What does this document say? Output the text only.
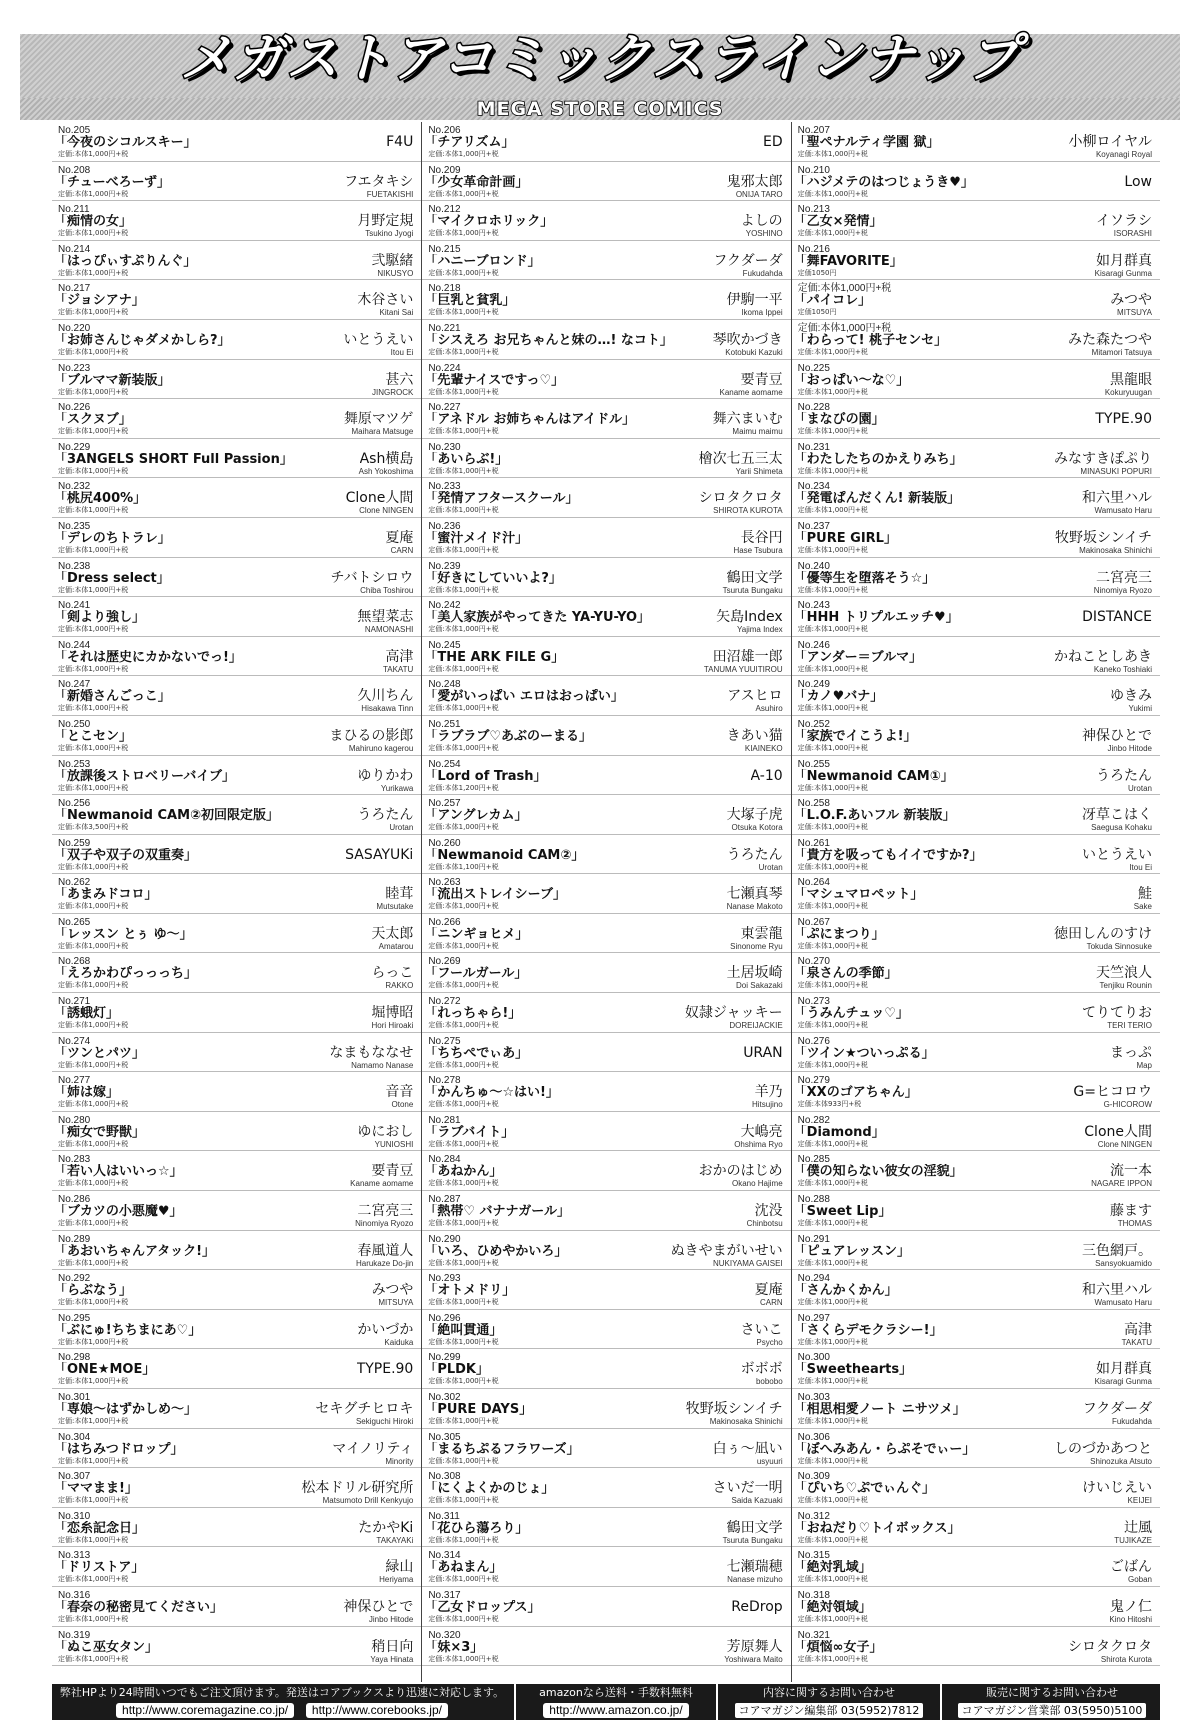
メガストアコミックスラインナップ
MEGA STORE COMICS
No.205
「今夜のシコルスキー」
定価:本体1,000円+税
F4U
No.208
「チューべろーず」
定価:本体1,000円+税
フエタキシ
FUETAKISHI
No.211
「痴情の女」
定価:本体1,000円+税
月野定規
Tsukino Jyogi
No.214
「はっぴぃすぷりんぐ」
定価:本体1,000円+税
弐駆緒
NIKUSYO
No.217
「ジョシアナ」
定価:本体1,000円+税
木谷さい
Kitani Sai
No.220
「お姉さんじゃダメかしら?」
定価:本体1,000円+税
いとうえい
Itou Ei
No.223
「ブルママ新装版」
定価:本体1,000円+税
甚六
JINGROCK
No.226
「スクヌブ」
定価:本体1,000円+税
舞原マツゲ
Maihara Matsuge
No.229
「3ANGELS SHORT Full Passion」
定価:本体1,000円+税
Ash横島
Ash Yokoshima
No.232
「桃尻400%」
定価:本体1,000円+税
Clone人間
Clone NINGEN
No.235
「デレのちトラレ」
定価:本体1,000円+税
夏庵
CARN
No.238
「Dress select」
定価:本体1,000円+税
チバトシロウ
Chiba Toshirou
No.241
「剣より強し」
定価:本体1,000円+税
無望菜志
NAMONASHI
No.244
「それは歴史にカかないでっ!」
定価:本体1,000円+税
高津
TAKATU
No.247
「新婚さんごっこ」
定価:本体1,000円+税
久川ちん
Hisakawa Tinn
No.250
「とこセン」
定価:本体1,000円+税
まひるの影郎
Mahiruno kagerou
No.253
「放課後ストロベリーバイブ」
定価:本体1,000円+税
ゆりかわ
Yurikawa
No.256
「Newmanoid CAM②初回限定版」
定価:本体3,500円+税
うろたん
Urotan
No.259
「双子や双子の双重奏」
定価:本体1,000円+税
SASAYUKi
No.262
「あまみドコロ」
定価:本体1,000円+税
睦茸
Mutsutake
No.265
「レッスン とぅ ゆ～」
定価:本体1,000円+税
天太郎
Amatarou
No.268
「えろかわぴっっっち」
定価:本体1,000円+税
らっこ
RAKKO
No.271
「誘蛾灯」
定価:本体1,000円+税
堀博昭
Hori Hiroaki
No.274
「ツンとパツ」
定価:本体1,000円+税
なまもななせ
Namamo Nanase
No.277
「姉は嫁」
定価:本体1,000円+税
音音
Otone
No.280
「痴女で野獣」
定価:本体1,000円+税
ゆにおし
YUNIOSHI
No.283
「若い人はいいっ☆」
定価:本体1,000円+税
要青豆
Kaname aomame
No.286
「ブカツの小悪魔♥」
定価:本体1,000円+税
二宮亮三
Ninomiya Ryozo
No.289
「あおいちゃんアタック!」
定価:本体1,000円+税
春風道人
Harukaze Do-jin
No.292
「らぶなう」
定価:本体1,000円+税
みつや
MITSUYA
No.295
「ぶにゅ!ちちまにあ♡」
定価:本体1,000円+税
かいづか
Kaiduka
No.298
「ONE★MOE」
定価:本体1,000円+税
TYPE.90
No.301
「専娘～はずかしめ～」
定価:本体1,000円+税
セキグチヒロキ
Sekiguchi Hiroki
No.304
「はちみつドロップ」
定価:本体1,000円+税
マイノリティ
Minority
No.307
「ママまま!」
定価:本体1,000円+税
松本ドリル研究所
Matsumoto Drill Kenkyujo
No.310
「恋糸記念日」
定価:本体1,000円+税
たかやKi
TAKAYAKi
No.313
「ドリストア」
定価:本体1,000円+税
緑山
Heriyama
No.316
「春奈の秘密見てください」
定価:本体1,000円+税
神保ひとで
Jinbo Hitode
No.319
「ぬこ巫女タン」
定価:本体1,000円+税
稍日向
Yaya Hinata
No.206
「チアリズム」
定価:本体1,000円+税
ED
No.209
「少女革命計画」
定価:本体1,000円+税
鬼邪太郎
ONIJA TARO
No.212
「マイクロホリック」
定価:本体1,000円+税
よしの
YOSHINO
No.215
「ハニーブロンド」
定価:本体1,000円+税
フクダーダ
Fukudahda
No.218
「巨乳と貧乳」
定価:本体1,000円+税
伊駒一平
Ikoma Ippei
No.221
「シスえろ お兄ちゃんと妹の…! なコト」
定価:本体1,000円+税
琴吹かづき
Kotobuki Kazuki
No.224
「先輩ナイスですっ♡」
定価:本体1,000円+税
要青豆
Kaname aomame
No.227
「アネドル お姉ちゃんはアイドル」
定価:本体1,000円+税
舞六まいむ
Maimu maimu
No.230
「あいらぶ!」
定価:本体1,000円+税
檜次七五三太
Yarii Shimeta
No.233
「発情アフタースクール」
定価:本体1,000円+税
シロタクロタ
SHIROTA KUROTA
No.236
「蜜汁メイド汁」
定価:本体1,000円+税
長谷円
Hase Tsubura
No.239
「好きにしていいよ?」
定価:本体1,000円+税
鶴田文学
Tsuruta Bungaku
No.242
「美人家族がやってきた YA-YU-YO」
定価:本体1,000円+税
矢島Index
Yajima Index
No.245
「THE ARK FILE G」
定価:本体1,000円+税
田沼雄一郎
TANUMA YUUITIROU
No.248
「愛がいっぱい エロはおっぱい」
定価:本体1,000円+税
アスヒロ
Asuhiro
No.251
「ラブラブ♡あぶのーまる」
定価:本体1,000円+税
きあい猫
KIAINEKO
No.254
「Lord of Trash」
定価:本体1,200円+税
A-10
No.257
「アングレカム」
定価:本体1,000円+税
大塚子虎
Otsuka Kotora
No.260
「Newmanoid CAM②」
定価:本体1,100円+税
うろたん
Urotan
No.263
「流出ストレイシーブ」
定価:本体1,000円+税
七瀬真琴
Nanase Makoto
No.266
「ニンギョヒメ」
定価:本体1,000円+税
東雲龍
Sinonome Ryu
No.269
「フールガール」
定価:本体1,000円+税
土居坂崎
Doi Sakazaki
No.272
「れっちゃら!」
定価:本体1,000円+税
奴隷ジャッキー
DOREIJACKIE
No.275
「ちちぺでぃあ」
定価:本体1,000円+税
URAN
No.278
「かんちゅ～☆はい!」
定価:本体1,000円+税
羊乃
Hitsujino
No.281
「ラブバイト」
定価:本体1,000円+税
大嶋亮
Ohshima Ryo
No.284
「あねかん」
定価:本体1,000円+税
おかのはじめ
Okano Hajime
No.287
「熱帯♡ バナナガール」
定価:本体1,000円+税
沈没
Chinbotsu
No.290
「いろ、ひめやかいろ」
定価:本体1,000円+税
ぬきやまがいせい
NUKIYAMA GAISEI
No.293
「オトメドリ」
定価:本体1,000円+税
夏庵
CARN
No.296
「絶叫貫通」
定価:本体1,000円+税
さいこ
Psycho
No.299
「PLDK」
定価:本体1,000円+税
ボボボ
bobobo
No.302
「PURE DAYS」
定価:本体1,000円+税
牧野坂シンイチ
Makinosaka Shinichi
No.305
「まるちぷるフラワーズ」
定価:本体1,000円+税
白ぅ～凪い
usyuuri
No.308
「にくよくかのじょ」
定価:本体1,000円+税
さいだ一明
Saida Kazuaki
No.311
「花ひら蕩ろり」
定価:本体1,000円+税
鶴田文学
Tsuruta Bungaku
No.314
「あねまん」
定価:本体1,000円+税
七瀬瑞穂
Nanase mizuho
No.317
「乙女ドロップス」
定価:本体1,000円+税
ReDrop
No.320
「妹×3」
定価:本体1,000円+税
芳原舞人
Yoshiwara Maito
No.207
「聖ペナルティ学園 獄」
定価:本体1,000円+税
小柳ロイヤル
Koyanagi Royal
No.210
「ハジメテのはつじょうき♥」
定価:本体1,000円+税
Low
No.213
「乙女×発情」
定価:本体1,000円+税
イソラシ
ISORASHI
No.216
「舞FAVORITE」
定価1050円
如月群真
Kisaragi Gunma
定価:本体1,000円+税
「パイコレ」
定価1050円
みつや
MITSUYA
定価:本体1,000円+税
「わらって! 桃子センセ」
定価:本体1,000円+税
みた森たつや
Mitamori Tatsuya
No.225
「おっぱい～な♡」
定価:本体1,000円+税
黒龍眼
Kokuryuugan
No.228
「まなびの園」
定価:本体1,000円+税
TYPE.90
No.231
「わたしたちのかえりみち」
定価:本体1,000円+税
みなすきぽぷり
MINASUKI POPURI
No.234
「発電ぱんだくん! 新装版」
定価:本体1,000円+税
和六里ハル
Wamusato Haru
No.237
「PURE GIRL」
定価:本体1,000円+税
牧野坂シンイチ
Makinosaka Shinichi
No.240
「優等生を堕落そう☆」
定価:本体1,000円+税
二宮亮三
Ninomiya Ryozo
No.243
「HHH トリプルエッチ♥」
定価:本体1,000円+税
DISTANCE
No.246
「アンダー＝ブルマ」
定価:本体1,000円+税
かねことしあき
Kaneko Toshiaki
No.249
「カノ♥バナ」
定価:本体1,000円+税
ゆきみ
Yukimi
No.252
「家族でイこうよ!」
定価:本体1,000円+税
神保ひとで
Jinbo Hitode
No.255
「Newmanoid CAM①」
定価:本体1,000円+税
うろたん
Urotan
No.258
「L.O.F.あいフル 新装版」
定価:本体1,000円+税
冴草こはく
Saegusa Kohaku
No.261
「貴方を吸ってもイイですか?」
定価:本体1,000円+税
いとうえい
Itou Ei
No.264
「マシュマロペット」
定価:本体1,000円+税
鮭
Sake
No.267
「ぷにまつり」
定価:本体1,000円+税
徳田しんのすけ
Tokuda Sinnosuke
No.270
「泉さんの季節」
定価:本体1,000円+税
天竺浪人
Tenjiku Rounin
No.273
「うみんチュッ♡」
定価:本体1,000円+税
てりてりお
TERI TERIO
No.276
「ツイン★ついっぷる」
定価:本体1,000円+税
まっぷ
Map
No.279
「XXのゴアちゃん」
定価:本体933円+税
G=ヒコロウ
G-HICOROW
No.282
「Diamond」
定価:本体1,000円+税
Clone人間
Clone NINGEN
No.285
「僕の知らない彼女の淫貌」
定価:本体1,000円+税
流一本
NAGARE IPPON
No.288
「Sweet Lip」
定価:本体1,000円+税
藤ます
THOMAS
No.291
「ピュアレッスン」
定価:本体1,000円+税
三色網戸。
Sansyokuamido
No.294
「さんかくかん」
定価:本体1,000円+税
和六里ハル
Wamusato Haru
No.297
「さくらデモクラシー!」
定価:本体1,000円+税
高津
TAKATU
No.300
「Sweethearts」
定価:本体1,000円+税
如月群真
Kisaragi Gunma
No.303
「相思相愛ノート ニサツメ」
定価:本体1,000円+税
フクダーダ
Fukudahda
No.306
「ぼへみあん・らぷそでぃー」
定価:本体1,000円+税
しのづかあつと
Shinozuka Atsuto
No.309
「ぴいち♡ぷでぃんぐ」
定価:本体1,000円+税
けいじえい
KEIJEI
No.312
「おねだり♡トイボックス」
定価:本体1,000円+税
辻風
TUJIKAZE
No.315
「絶対乳域」
定価:本体1,000円+税
ごばん
Goban
No.318
「絶対領域」
定価:本体1,000円+税
鬼ノ仁
Kino Hitoshi
No.321
「煩悩∞女子」
定価:本体1,000円+税
シロタクロタ
Shirota Kurota
弊社HPより24時間いつでもご注文頂けます。発送はコアブックスより迅速に対応します。
http://www.coremagazine.co.jp/ http://www.corebooks.jp/
amazonなら送料・手数料無料
http://www.amazon.co.jp/
内容に関するお問い合わせ
コアマガジン編集部 03(5952)7812
販売に関するお問い合わせ
コアマガジン営業部 03(5950)5100
